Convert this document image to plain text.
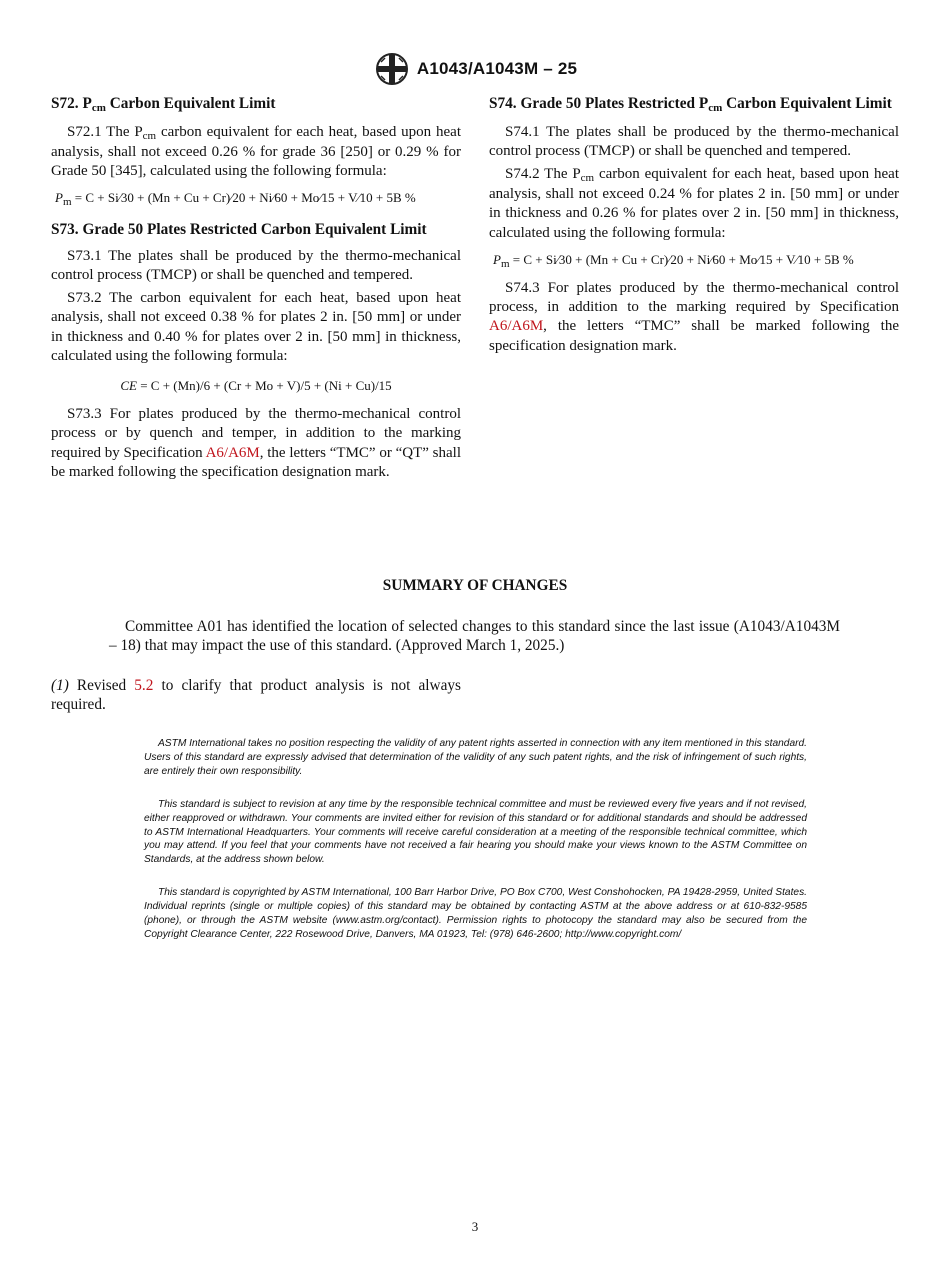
A1043/A1043M – 25
S72. Pcm Carbon Equivalent Limit

S72.1 The $P_{cm}$ carbon equivalent for each heat, based upon heat analysis, shall not exceed 0.26 % for grade 36 [250] or 0.29 % for Grade 50 [345], calculated using the following formula:

$P_m = C$ + Si⁄30 + (Mn + Cu + Cr)⁄20 + Ni⁄60 + Mo⁄15 + V⁄10 + 5B %
S73. Grade 50 Plates Restricted Carbon Equivalent Limit

S73.1 The plates shall be produced by the thermo-mechanical control process (TMCP) or shall be quenched and tempered.

S73.2 The carbon equivalent for each heat, based upon heat analysis, shall not exceed 0.38 % for plates 2 in. [50 mm] or under in thickness and 0.40 % for plates over 2 in. [50 mm] in thickness, calculated using the following formula:

CE = C + (Mn)/6 + (Cr + Mo + V)/5 + (Ni + Cu)/15

S73.3 For plates produced by the thermo-mechanical control process or by quench and temper, in addition to the marking required by Specification A6/A6M, the letters “TMC” or “QT” shall be marked following the specification designation mark.

S74. Grade 50 Plates Restricted Pcm Carbon Equivalent Limit

S74.1 The plates shall be produced by the thermo-mechanical control process (TMCP) or shall be quenched and tempered.

S74.2 The $P_{cm}$ carbon equivalent for each heat, based upon heat analysis, shall not exceed 0.24 % for plates 2 in. [50 mm] or under in thickness and 0.26 % for plates over 2 in. [50 mm] in thickness, calculated using the following formula:

$P_m = C$ + Si⁄30 + (Mn + Cu + Cr)⁄20 + Ni⁄60 + Mo⁄15 + V⁄10 + 5B %

S74.3 For plates produced by the thermo-mechanical control process, in addition to the marking required by Specification A6/A6M, the letters “TMC” shall be marked following the specification designation mark.

SUMMARY OF CHANGES
Committee A01 has identified the location of selected changes to this standard since the last issue (A1043/A1043M – 18) that may impact the use of this standard. (Approved March 1, 2025.)
(1) Revised 5.2 to clarify that product analysis is not always required.

ASTM International takes no position respecting the validity of any patent rights asserted in connection with any item mentioned in this standard. Users of this standard are expressly advised that determination of the validity of any such patent rights, and the risk of infringement of such rights, are entirely their own responsibility.

This standard is subject to revision at any time by the responsible technical committee and must be reviewed every five years and if not revised, either reapproved or withdrawn. Your comments are invited either for revision of this standard or for additional standards and should be addressed to ASTM International Headquarters. Your comments will receive careful consideration at a meeting of the responsible technical committee, which you may attend. If you feel that your comments have not received a fair hearing you should make your views known to the ASTM Committee on Standards, at the address shown below.

This standard is copyrighted by ASTM International, 100 Barr Harbor Drive, PO Box C700, West Conshohocken, PA 19428-2959, United States. Individual reprints (single or multiple copies) of this standard may be obtained by contacting ASTM at the above address or at 610-832-9585 (phone), or through the ASTM website (www.astm.org/contact). Permission rights to photocopy the standard may also be secured from the Copyright Clearance Center, 222 Rosewood Drive, Danvers, MA 01923, Tel: (978) 646-2600; http://www.copyright.com/

3
